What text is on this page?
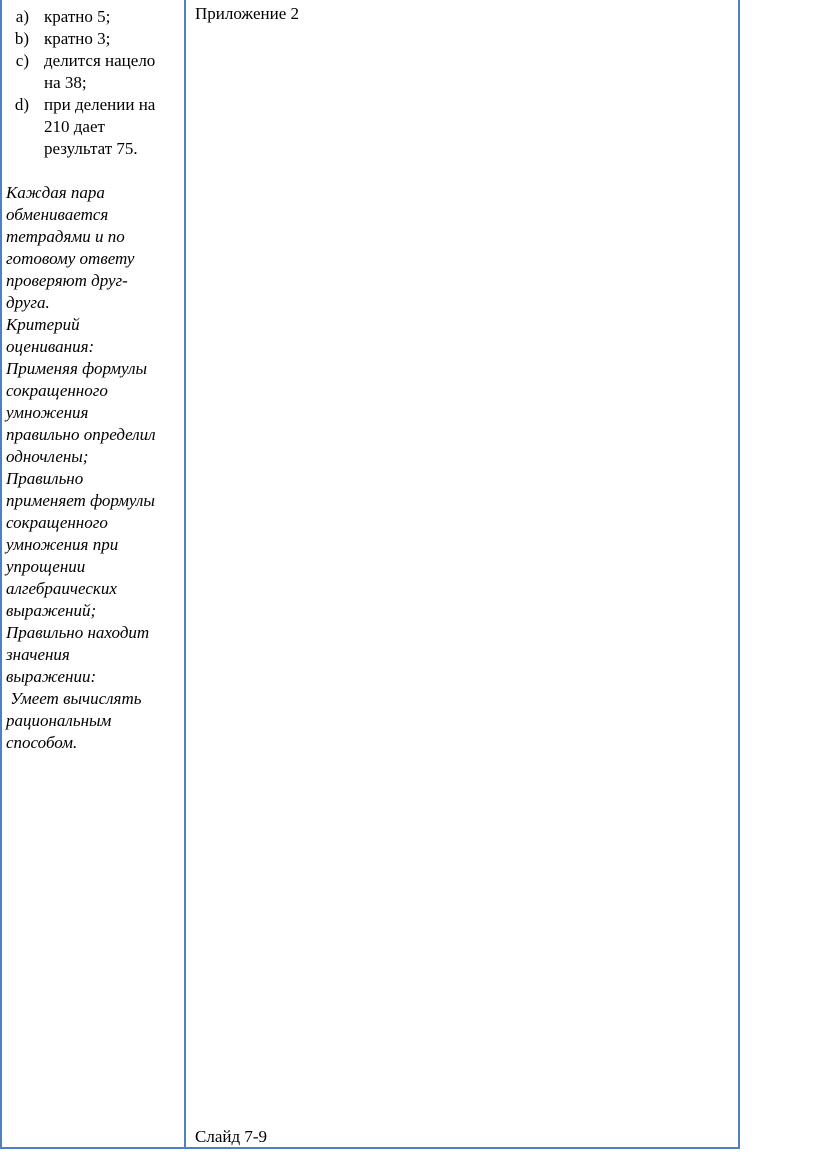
a) кратно 5;
b) кратно 3;
c) делится нацело на 38;
d) при делении на 210 дает результат 75.
Каждая пара
обменивается
тетрадями и по
готовому ответу
проверяют друг-
друга.
Критерий
оценивания:
Применяя формулы
сокращенного
умножения
правильно определил
одночлены;
Правильно
применяет формулы
сокращенного
умножения при
упрощении
алгебраических
выражений;
Правильно находит
значения
выражении:
Умеет вычислять
рациональным
способом.
Приложение 2
Слайд 7-9
